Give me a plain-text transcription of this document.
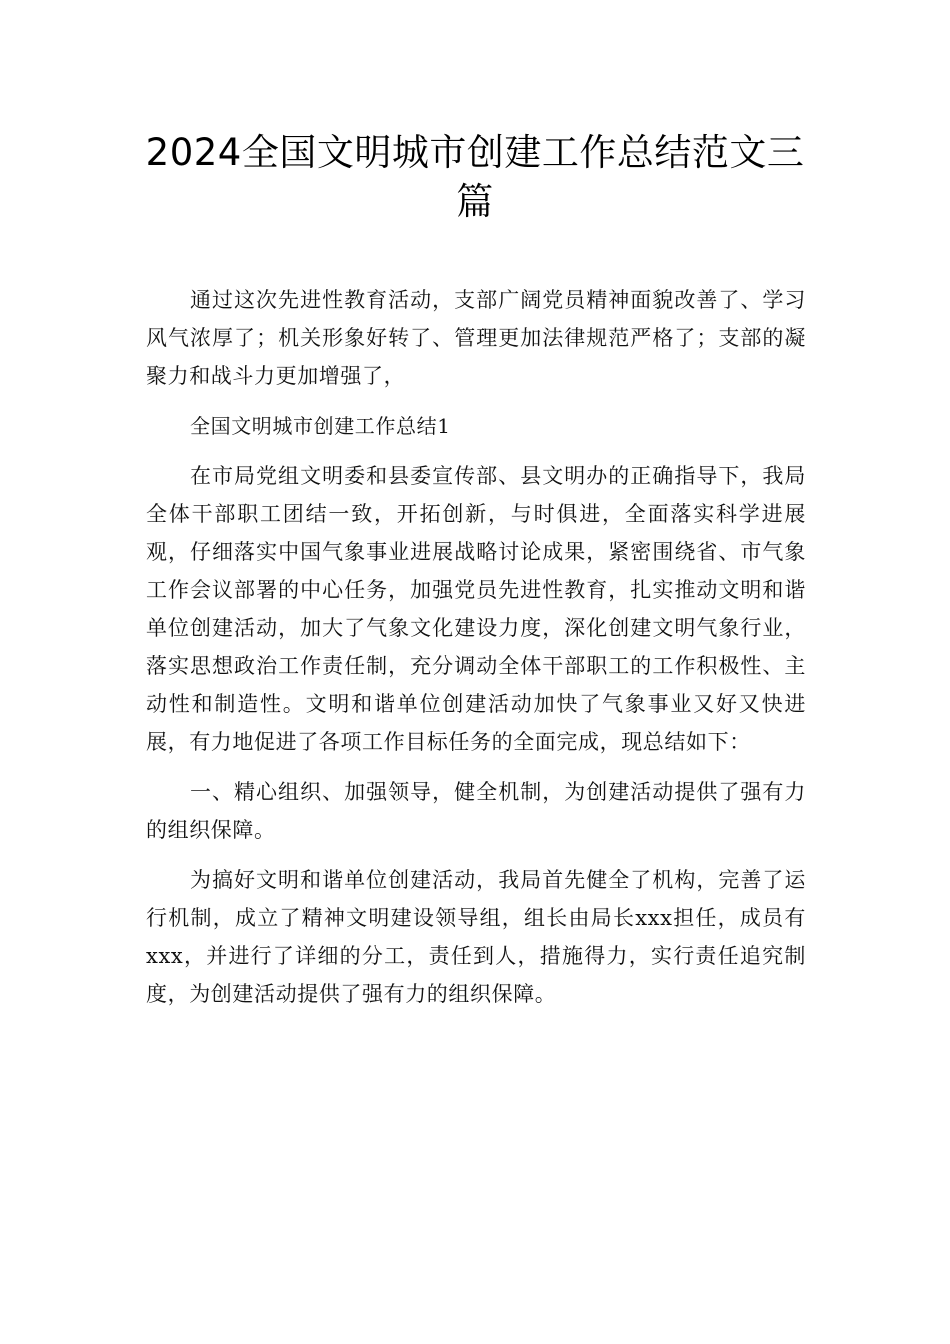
2024全国文明城市创建工作总结范文三篇

通过这次先进性教育活动，支部广阔党员精神面貌改善了、学习风气浓厚了；机关形象好转了、管理更加法律规范严格了；支部的凝聚力和战斗力更加增强了，

全国文明城市创建工作总结1

在市局党组文明委和县委宣传部、县文明办的正确指导下，我局全体干部职工团结一致，开拓创新，与时俱进，全面落实科学进展观，仔细落实中国气象事业进展战略讨论成果，紧密围绕省、市气象工作会议部署的中心任务，加强党员先进性教育，扎实推动文明和谐单位创建活动，加大了气象文化建设力度，深化创建文明气象行业，落实思想政治工作责任制，充分调动全体干部职工的工作积极性、主动性和制造性。文明和谐单位创建活动加快了气象事业又好又快进展，有力地促进了各项工作目标任务的全面完成，现总结如下：

一、精心组织、加强领导，健全机制，为创建活动提供了强有力的组织保障。

为搞好文明和谐单位创建活动，我局首先健全了机构，完善了运行机制，成立了精神文明建设领导组，组长由局长xxx担任，成员有xxx，并进行了详细的分工，责任到人，措施得力，实行责任追究制度，为创建活动提供了强有力的组织保障。
